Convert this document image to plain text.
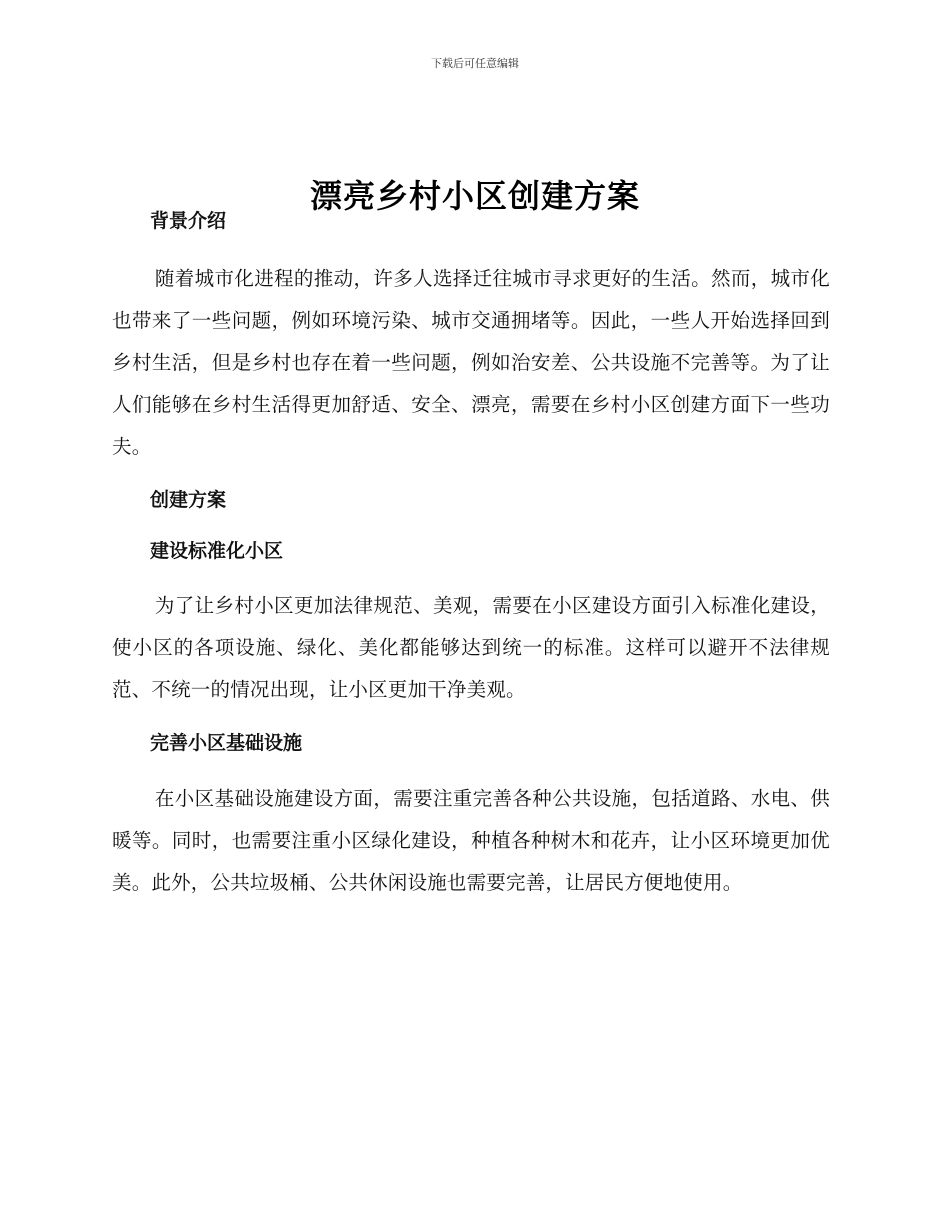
下载后可任意编辑
漂亮乡村小区创建方案

背景介绍

随着城市化进程的推动，许多人选择迁往城市寻求更好的生活。然而，城市化也带来了一些问题，例如环境污染、城市交通拥堵等。因此，一些人开始选择回到乡村生活，但是乡村也存在着一些问题，例如治安差、公共设施不完善等。为了让人们能够在乡村生活得更加舒适、安全、漂亮，需要在乡村小区创建方面下一些功夫。

创建方案

建设标准化小区

为了让乡村小区更加法律规范、美观，需要在小区建设方面引入标准化建设，使小区的各项设施、绿化、美化都能够达到统一的标准。这样可以避开不法律规范、不统一的情况出现，让小区更加干净美观。

完善小区基础设施

在小区基础设施建设方面，需要注重完善各种公共设施，包括道路、水电、供暖等。同时，也需要注重小区绿化建设，种植各种树木和花卉，让小区环境更加优美。此外，公共垃圾桶、公共休闲设施也需要完善，让居民方便地使用。
